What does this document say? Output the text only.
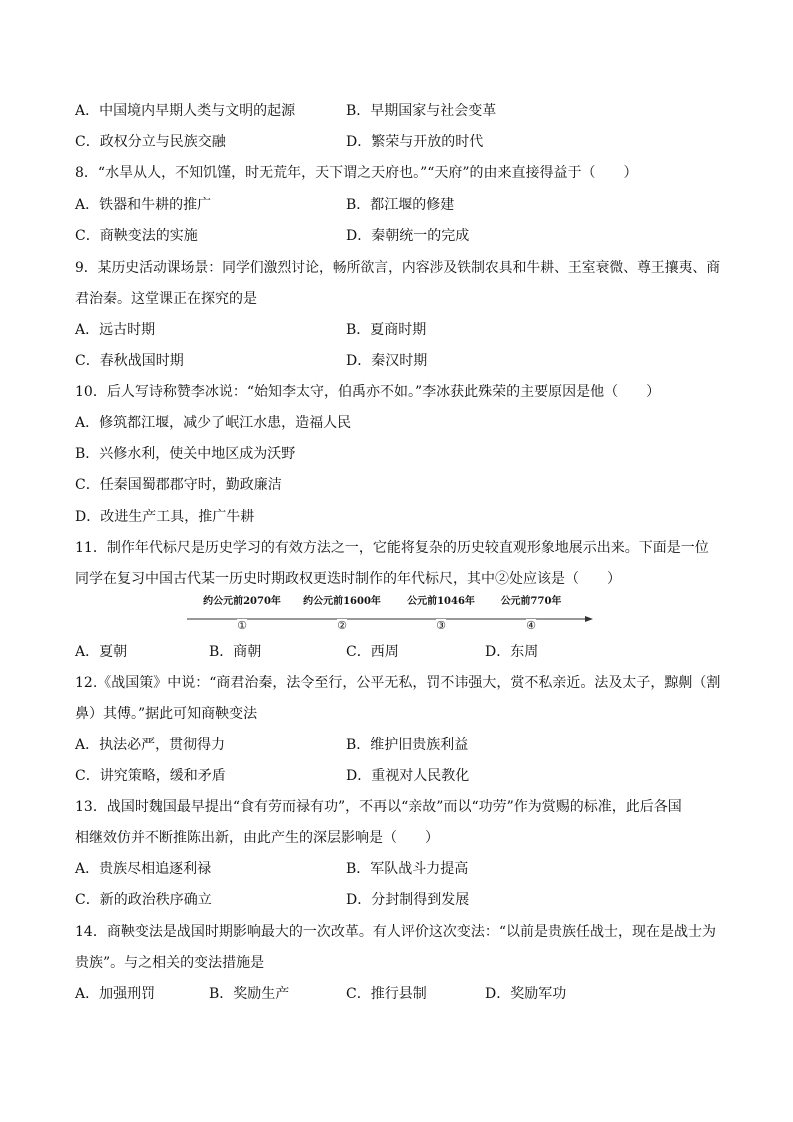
A．中国境内早期人类与文明的起源	B．早期国家与社会变革
C．政权分立与民族交融	D．繁荣与开放的时代
8．“水旱从人，不知饥馑，时无荒年，天下谓之天府也。”“天府”的由来直接得益于（　　）
A．铁器和牛耕的推广	B．都江堰的修建
C．商鞅变法的实施	D．秦朝统一的完成
9．某历史活动课场景：同学们激烈讨论，畅所欲言，内容涉及铁制农具和牛耕、王室衰微、尊王攘夷、商
君治秦。这堂课正在探究的是
A．远古时期	B．夏商时期
C．春秋战国时期	D．秦汉时期
10．后人写诗称赞李冰说：“始知李太守，伯禹亦不如。”李冰获此殊荣的主要原因是他（　　）
A．修筑都江堰，减少了岷江水患，造福人民
B．兴修水利，使关中地区成为沃野
C．任秦国蜀郡郡守时，勤政廉洁
D．改进生产工具，推广牛耕
11．制作年代标尺是历史学习的有效方法之一，它能将复杂的历史较直观形象地展示出来。下面是一位
同学在复习中国古代某一历史时期政权更迭时制作的年代标尺，其中②处应该是（　　）
约公元前2070年 约公元前1600年	公元前1046年	公元前770年
①	②	③	④
A．夏朝	B．商朝	C．西周	D．东周
12.《战国策》中说：“商君治秦，法令至行，公平无私，罚不讳强大，赏不私亲近。法及太子，黥劓（割
鼻）其傅。”据此可知商鞅变法
A．执法必严，贯彻得力	B．维护旧贵族利益
C．讲究策略，缓和矛盾	D．重视对人民教化
13．战国时魏国最早提出“食有劳而禄有功”，不再以“亲故”而以“功劳”作为赏赐的标准，此后各国
相继效仿并不断推陈出新，由此产生的深层影响是（　　）
A．贵族尽相追逐利禄	B．军队战斗力提高
C．新的政治秩序确立	D．分封制得到发展
14．商鞅变法是战国时期影响最大的一次改革。有人评价这次变法：“以前是贵族任战士，现在是战士为
贵族”。与之相关的变法措施是
A．加强刑罚	B．奖励生产	C．推行县制	D．奖励军功
